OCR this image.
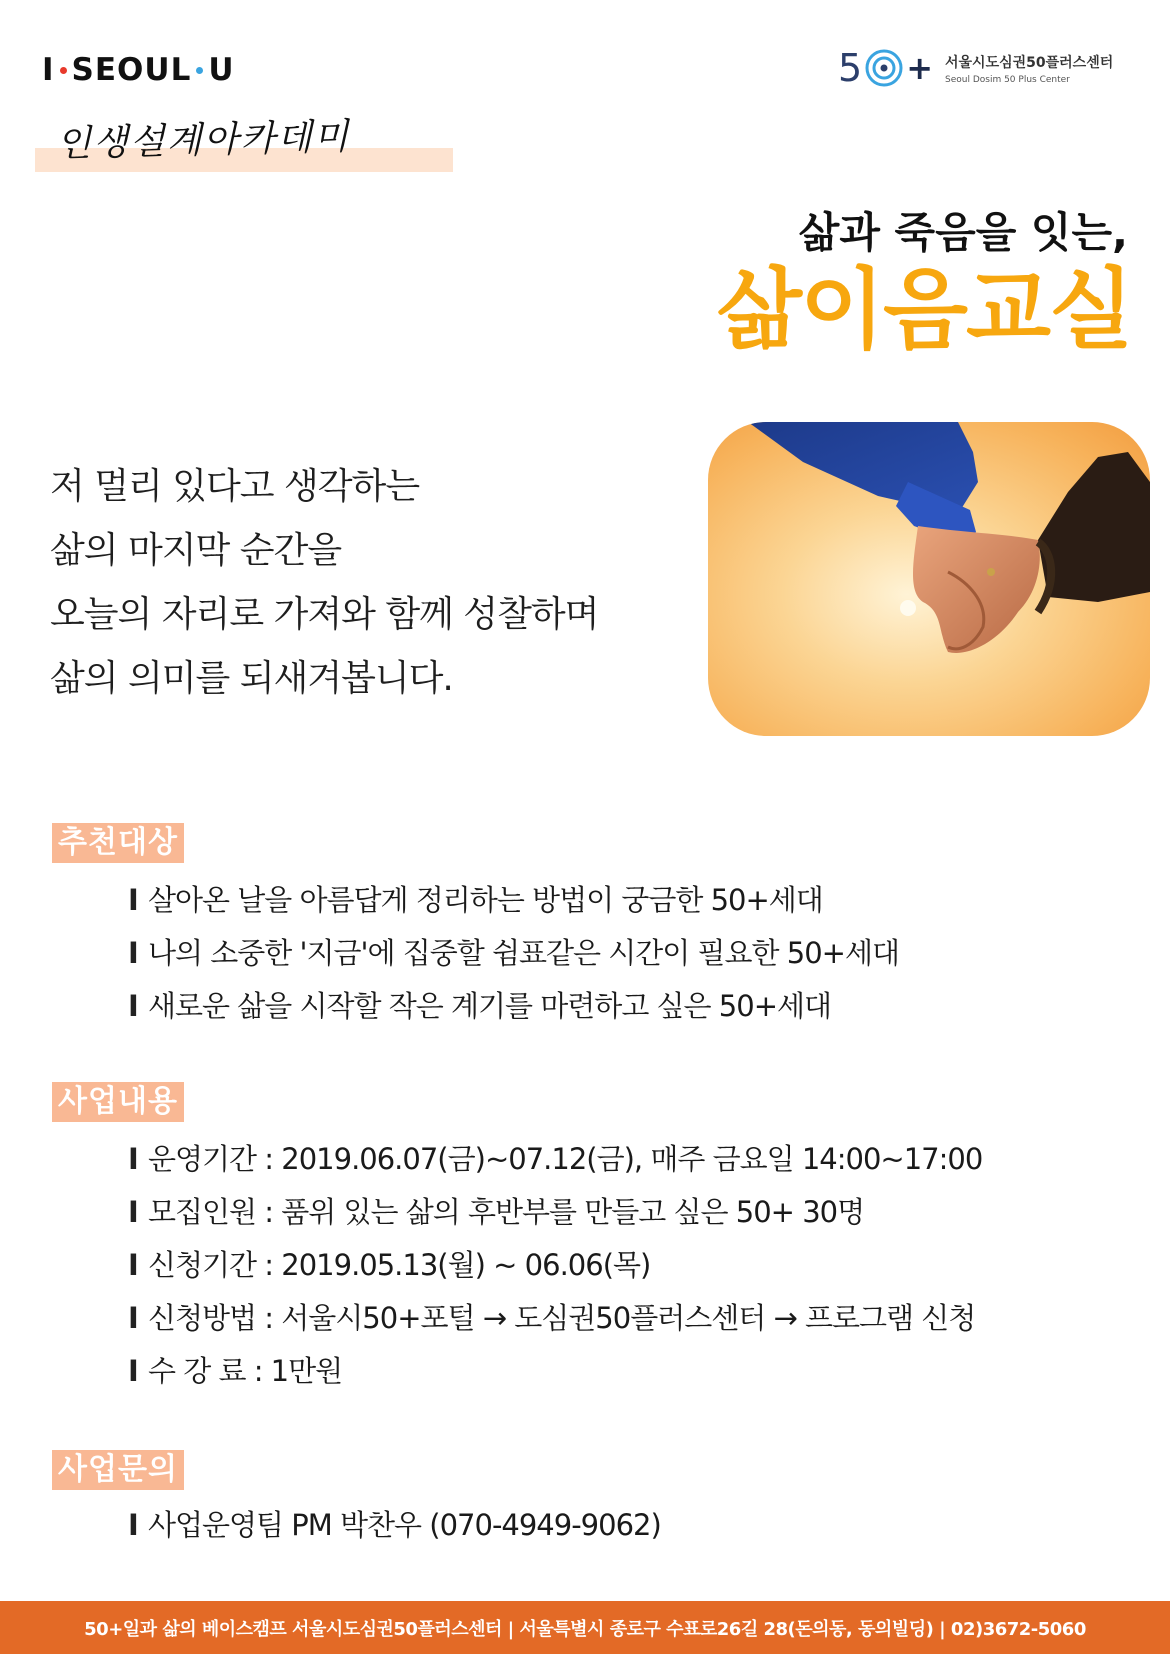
I SEOUL U	5 + 서울시도심권50플러스센터
Seoul Dosim 50 Plus Center
인생설계아카데미
삶과 죽음을 잇는,
삶이음교실
저 멀리 있다고 생각하는
삶의 마지막 순간을
오늘의 자리로 가져와 함께 성찰하며
삶의 의미를 되새겨봅니다.
추천대상
I 살아온 날을 아름답게 정리하는 방법이 궁금한 50+세대
I 나의 소중한 '지금'에 집중할 쉼표같은 시간이 필요한 50+세대
I 새로운 삶을 시작할 작은 계기를 마련하고 싶은 50+세대
사업내용
I 운영기간 : 2019.06.07(금)~07.12(금), 매주 금요일 14:00~17:00
I 모집인원 : 품위 있는 삶의 후반부를 만들고 싶은 50+ 30명
I 신청기간 : 2019.05.13(월) ~ 06.06(목)
I 신청방법 : 서울시50+포털 → 도심권50플러스센터 → 프로그램 신청
I 수 강 료 : 1만원
사업문의
I 사업운영팀 PM 박찬우 (070-4949-9062)
50+일과 삶의 베이스캠프 서울시도심권50플러스센터 | 서울특별시 종로구 수표로26길 28(돈의동, 동의빌딩) | 02)3672-5060
